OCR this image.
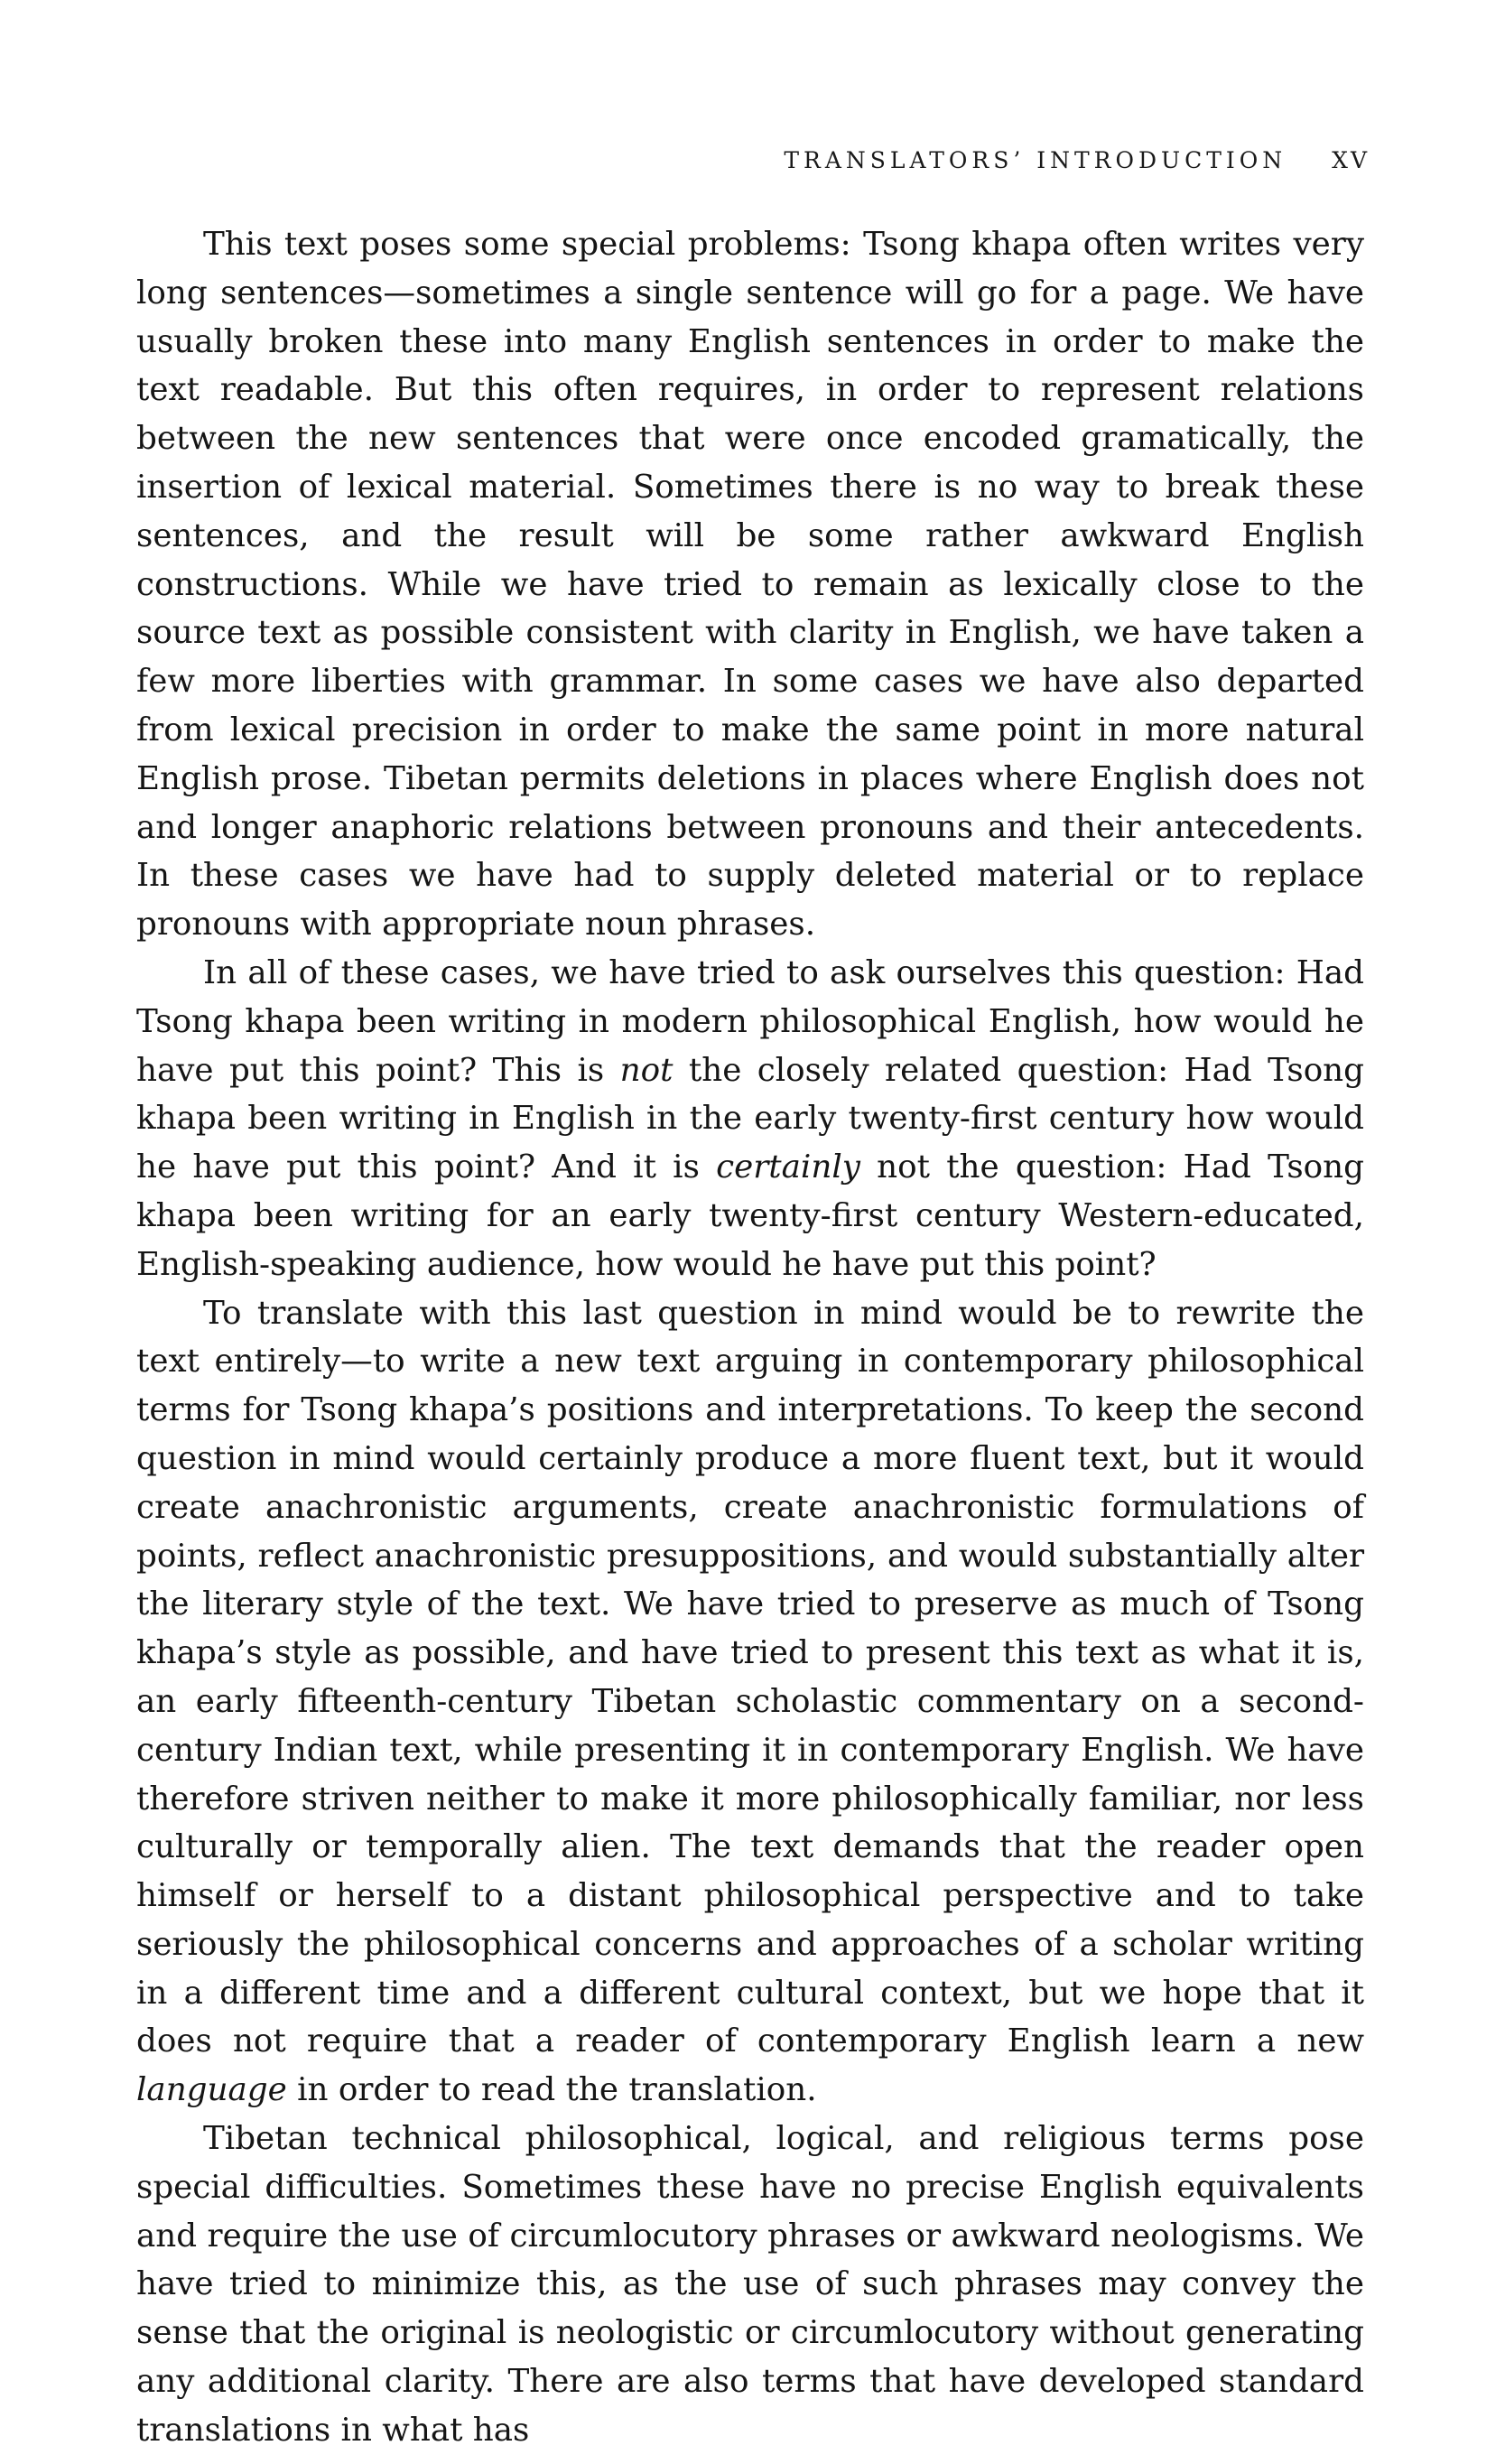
TRANSLATORS’ INTRODUCTION XV

This text poses some special problems: Tsong khapa often writes very long sentences—sometimes a single sentence will go for a page. We have usually broken these into many English sentences in order to make the text readable. But this often requires, in order to represent relations between the new sentences that were once encoded gramatically, the insertion of lexical material. Sometimes there is no way to break these sentences, and the result will be some rather awkward English constructions. While we have tried to remain as lexically close to the source text as possible consistent with clarity in English, we have taken a few more liberties with grammar. In some cases we have also departed from lexical precision in order to make the same point in more natural English prose. Tibetan permits deletions in places where English does not and longer anaphoric relations between pronouns and their antecedents. In these cases we have had to supply deleted material or to replace pronouns with appropriate noun phrases.

In all of these cases, we have tried to ask ourselves this question: Had Tsong khapa been writing in modern philosophical English, how would he have put this point? This is not the closely related question: Had Tsong khapa been writing in English in the early twenty-first century how would he have put this point? And it is certainly not the question: Had Tsong khapa been writing for an early twenty-first century Western-educated, English-speaking audience, how would he have put this point?

To translate with this last question in mind would be to rewrite the text entirely—to write a new text arguing in contemporary philosophical terms for Tsong khapa’s positions and interpretations. To keep the second question in mind would certainly produce a more fluent text, but it would create anachronistic arguments, create anachronistic formulations of points, reflect anachronistic presuppositions, and would substantially alter the literary style of the text. We have tried to preserve as much of Tsong khapa’s style as possible, and have tried to present this text as what it is, an early fifteenth-century Tibetan scholastic commentary on a second-century Indian text, while presenting it in contemporary English. We have therefore striven neither to make it more philosophically familiar, nor less culturally or temporally alien. The text demands that the reader open himself or herself to a distant philosophical perspective and to take seriously the philosophical concerns and approaches of a scholar writing in a different time and a different cultural context, but we hope that it does not require that a reader of contemporary English learn a new language in order to read the translation.

Tibetan technical philosophical, logical, and religious terms pose special difficulties. Sometimes these have no precise English equivalents and require the use of circumlocutory phrases or awkward neologisms. We have tried to minimize this, as the use of such phrases may convey the sense that the original is neologistic or circumlocutory without generating any additional clarity. There are also terms that have developed standard translations in what has
